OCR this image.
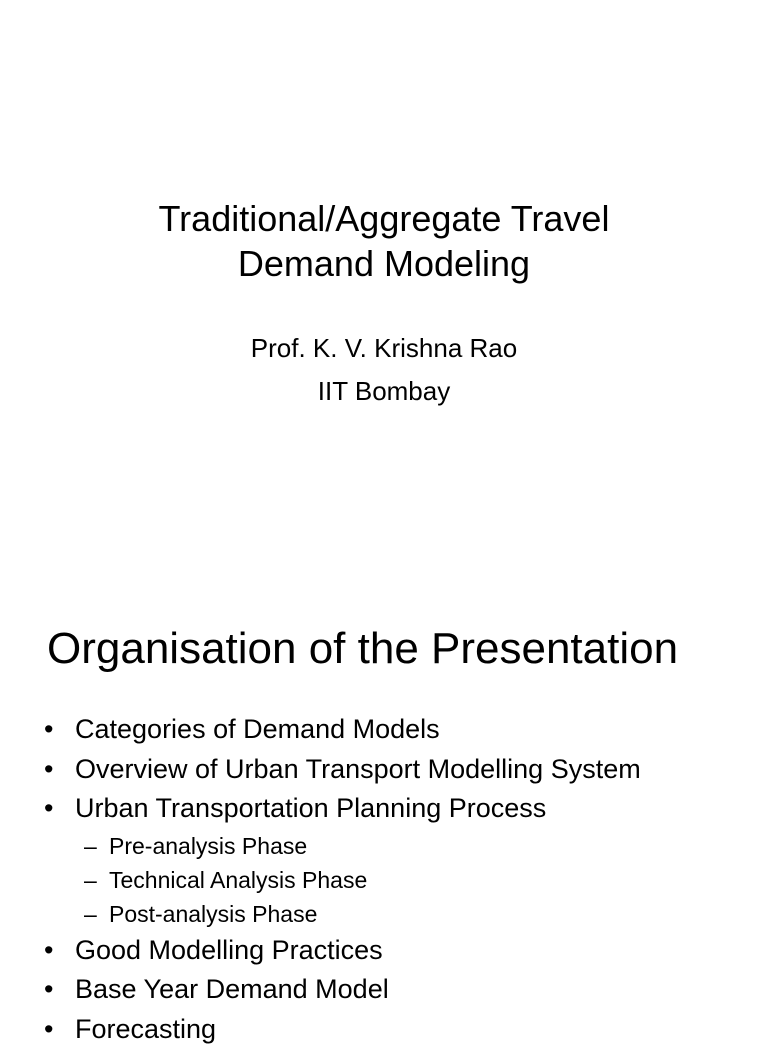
Traditional/Aggregate Travel
Demand Modeling
Prof. K. V. Krishna Rao
IIT Bombay
Organisation of the Presentation
• Categories of Demand Models
• Overview of Urban Transport Modelling System
• Urban Transportation Planning Process
– Pre-analysis Phase
– Technical Analysis Phase
– Post-analysis Phase
• Good Modelling Practices
• Base Year Demand Model
• Forecasting
